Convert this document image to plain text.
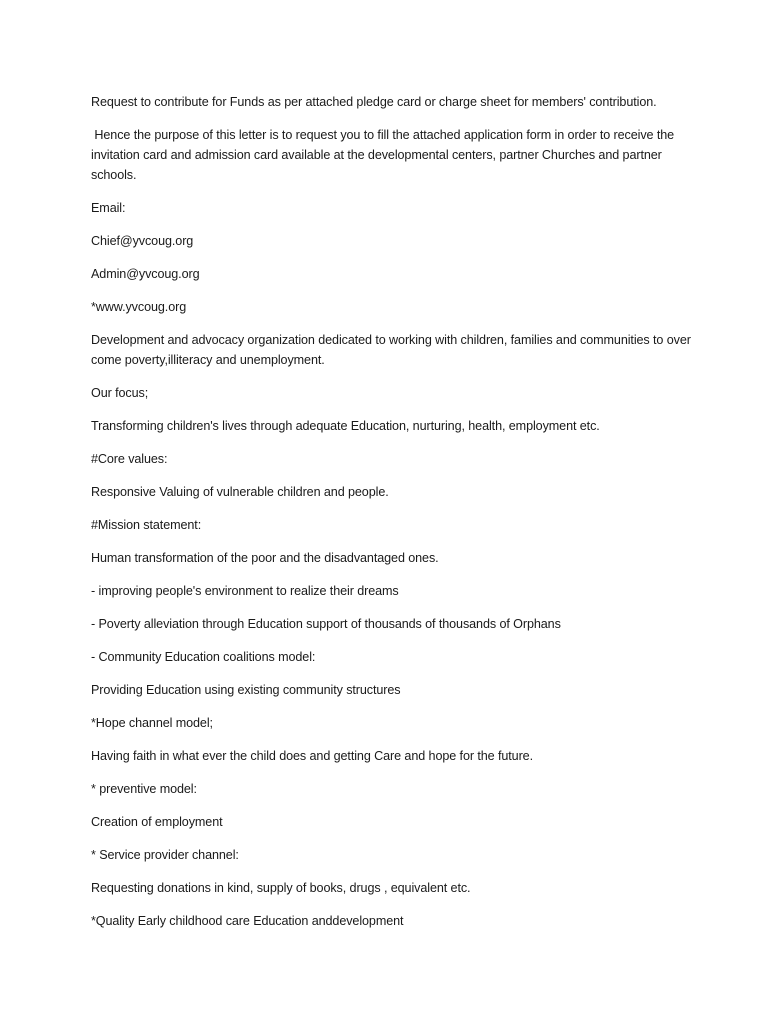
Request to contribute for Funds as per attached pledge card or charge sheet for members' contribution.

Hence the purpose of this letter is to request you to fill the attached application form in order to receive the invitation card and admission card available at the developmental centers, partner Churches and partner schools.

Email:

Chief@yvcoug.org

Admin@yvcoug.org

*www.yvcoug.org

Development and advocacy organization dedicated to working with children, families and communities to over come poverty,illiteracy and unemployment.

Our focus;

Transforming children's lives through adequate Education, nurturing, health, employment etc.

#Core values:

Responsive Valuing of vulnerable children and people.

#Mission statement:

Human transformation of the poor and the disadvantaged ones.

- improving people's environment to realize their dreams

- Poverty alleviation through Education support of thousands of thousands of Orphans

- Community Education coalitions model:

Providing Education using existing community structures

*Hope channel model;

Having faith in what ever the child does and getting Care and hope for the future.

* preventive model:

Creation of employment

* Service provider channel:

Requesting donations in kind, supply of books, drugs , equivalent etc.

*Quality Early childhood care Education anddevelopment
